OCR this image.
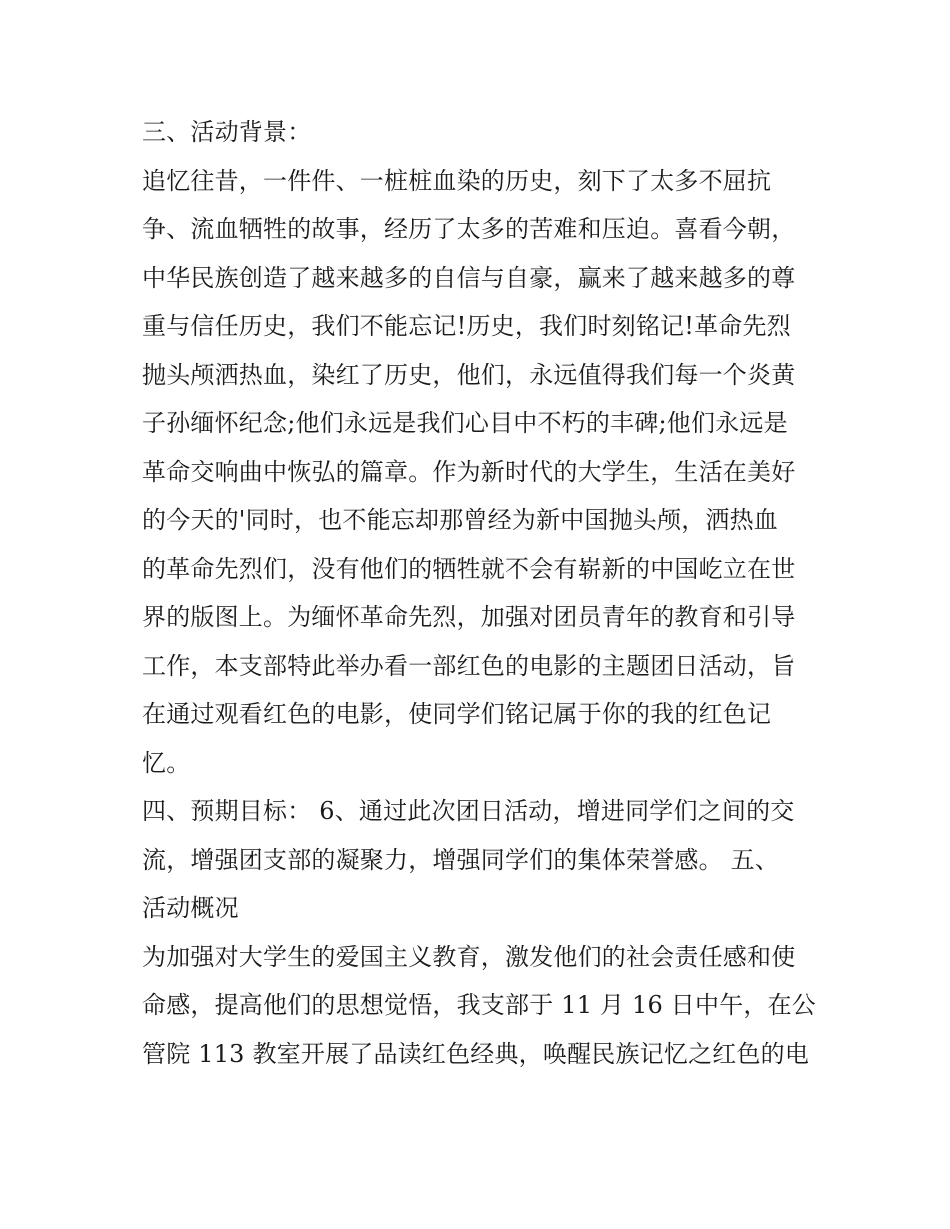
三、活动背景：
追忆往昔，一件件、一桩桩血染的历史，刻下了太多不屈抗
争、流血牺牲的故事，经历了太多的苦难和压迫。喜看今朝，
中华民族创造了越来越多的自信与自豪，赢来了越来越多的尊
重与信任历史，我们不能忘记!历史，我们时刻铭记!革命先烈
抛头颅洒热血，染红了历史，他们，永远值得我们每一个炎黄
子孙缅怀纪念;他们永远是我们心目中不朽的丰碑;他们永远是
革命交响曲中恢弘的篇章。作为新时代的大学生，生活在美好
的今天的'同时，也不能忘却那曾经为新中国抛头颅，洒热血
的革命先烈们，没有他们的牺牲就不会有崭新的中国屹立在世
界的版图上。为缅怀革命先烈，加强对团员青年的教育和引导
工作，本支部特此举办看一部红色的电影的主题团日活动，旨
在通过观看红色的电影，使同学们铭记属于你的我的红色记
忆。
四、预期目标： 6、通过此次团日活动，增进同学们之间的交
流，增强团支部的凝聚力，增强同学们的集体荣誉感。 五、
活动概况
为加强对大学生的爱国主义教育，激发他们的社会责任感和使
命感，提高他们的思想觉悟，我支部于 11 月 16 日中午，在公
管院 113 教室开展了品读红色经典，唤醒民族记忆之红色的电
